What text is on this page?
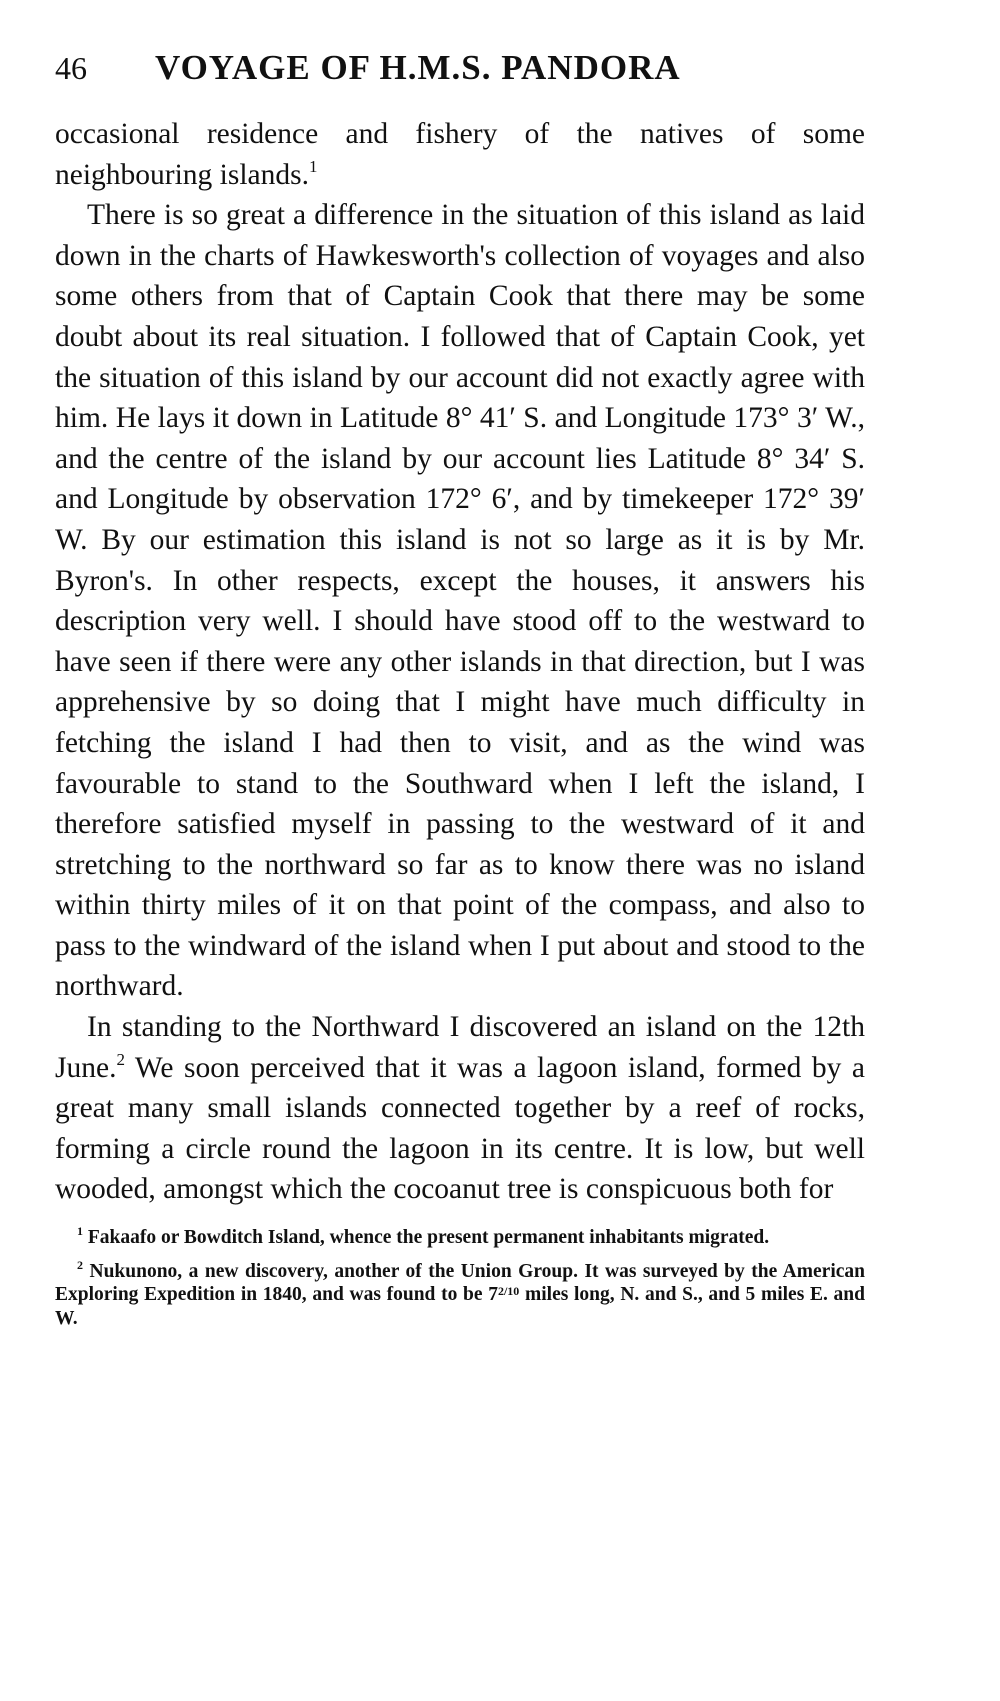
46	VOYAGE OF H.M.S. PANDORA

occasional residence and fishery of the natives of some neighbouring islands.$^1$

There is so great a difference in the situation of this island as laid down in the charts of Hawkesworth's collection of voyages and also some others from that of Captain Cook that there may be some doubt about its real situation. I followed that of Captain Cook, yet the situation of this island by our account did not exactly agree with him. He lays it down in Latitude 8° 41′ S. and Longitude 173° 3′ W., and the centre of the island by our account lies Latitude 8° 34′ S. and Longitude by observation 172° 6′, and by timekeeper 172° 39′ W. By our estimation this island is not so large as it is by Mr. Byron's. In other respects, except the houses, it answers his description very well. I should have stood off to the westward to have seen if there were any other islands in that direction, but I was apprehensive by so doing that I might have much difficulty in fetching the island I had then to visit, and as the wind was favourable to stand to the Southward when I left the island, I therefore satisfied myself in passing to the westward of it and stretching to the northward so far as to know there was no island within thirty miles of it on that point of the compass, and also to pass to the windward of the island when I put about and stood to the northward.

In standing to the Northward I discovered an island on the 12th June.$^2$ We soon perceived that it was a lagoon island, formed by a great many small islands connected together by a reef of rocks, forming a circle round the lagoon in its centre. It is low, but well wooded, amongst which the cocoanut tree is conspicuous both for

$^1$ Fakaafo or Bowditch Island, whence the present permanent inhabitants migrated.

$^2$ Nukunono, a new discovery, another of the Union Group. It was surveyed by the American Exploring Expedition in 1840, and was found to be $7^{2/10}$ miles long, N. and S., and 5 miles E. and W.
